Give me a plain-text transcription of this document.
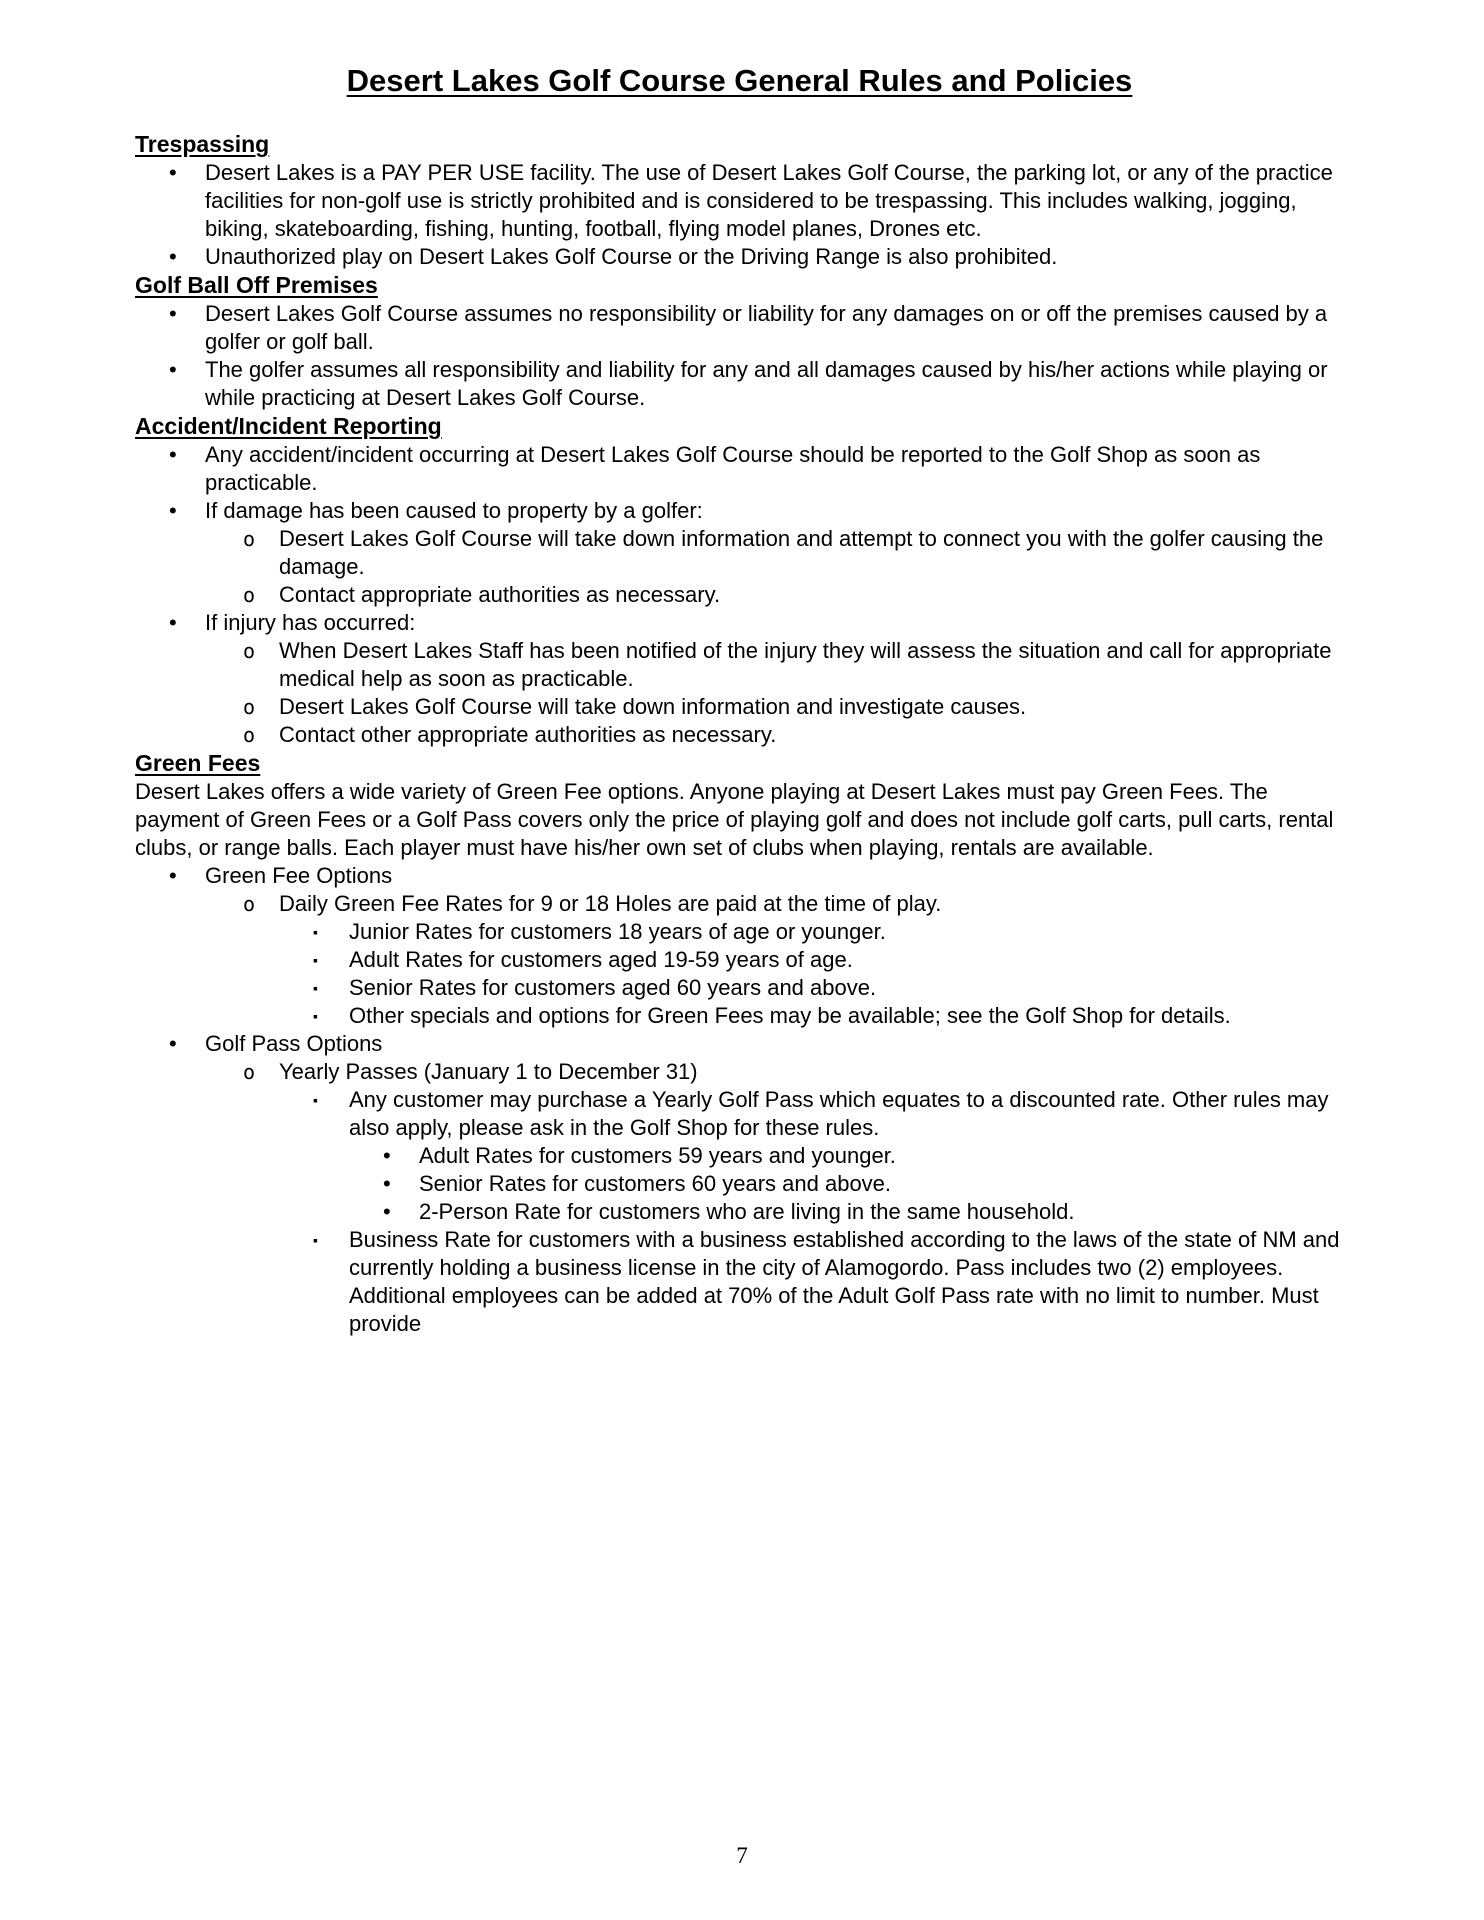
Desert Lakes Golf Course General Rules and Policies
Trespassing
•	Desert Lakes is a PAY PER USE facility. The use of Desert Lakes Golf Course, the parking lot, or any of the practice facilities for non-golf use is strictly prohibited and is considered to be trespassing. This includes walking, jogging, biking, skateboarding, fishing, hunting, football, flying model planes, Drones etc.
•	Unauthorized play on Desert Lakes Golf Course or the Driving Range is also prohibited.
Golf Ball Off Premises
•	Desert Lakes Golf Course assumes no responsibility or liability for any damages on or off the premises caused by a golfer or golf ball.
•	The golfer assumes all responsibility and liability for any and all damages caused by his/her actions while playing or while practicing at Desert Lakes Golf Course.
Accident/Incident Reporting
•	Any accident/incident occurring at Desert Lakes Golf Course should be reported to the Golf Shop as soon as practicable.
•	If damage has been caused to property by a golfer:
o	Desert Lakes Golf Course will take down information and attempt to connect you with the golfer causing the damage.
o	Contact appropriate authorities as necessary.
•	If injury has occurred:
o	When Desert Lakes Staff has been notified of the injury they will assess the situation and call for appropriate medical help as soon as practicable.
o	Desert Lakes Golf Course will take down information and investigate causes.
o	Contact other appropriate authorities as necessary.
Green Fees

Desert Lakes offers a wide variety of Green Fee options. Anyone playing at Desert Lakes must pay Green Fees. The payment of Green Fees or a Golf Pass covers only the price of playing golf and does not include golf carts, pull carts, rental clubs, or range balls. Each player must have his/her own set of clubs when playing, rentals are available.

•	Green Fee Options
o	Daily Green Fee Rates for 9 or 18 Holes are paid at the time of play.
▪	Junior Rates for customers 18 years of age or younger.
▪	Adult Rates for customers aged 19-59 years of age.
▪	Senior Rates for customers aged 60 years and above.
▪	Other specials and options for Green Fees may be available; see the Golf Shop for details.
•	Golf Pass Options
o	Yearly Passes (January 1 to December 31)
▪	Any customer may purchase a Yearly Golf Pass which equates to a discounted rate. Other rules may also apply, please ask in the Golf Shop for these rules.
•	Adult Rates for customers 59 years and younger.
•	Senior Rates for customers 60 years and above.
•	2-Person Rate for customers who are living in the same household.
▪	Business Rate for customers with a business established according to the laws of the state of NM and currently holding a business license in the city of Alamogordo. Pass includes two (2) employees. Additional employees can be added at 70% of the Adult Golf Pass rate with no limit to number. Must provide
7
